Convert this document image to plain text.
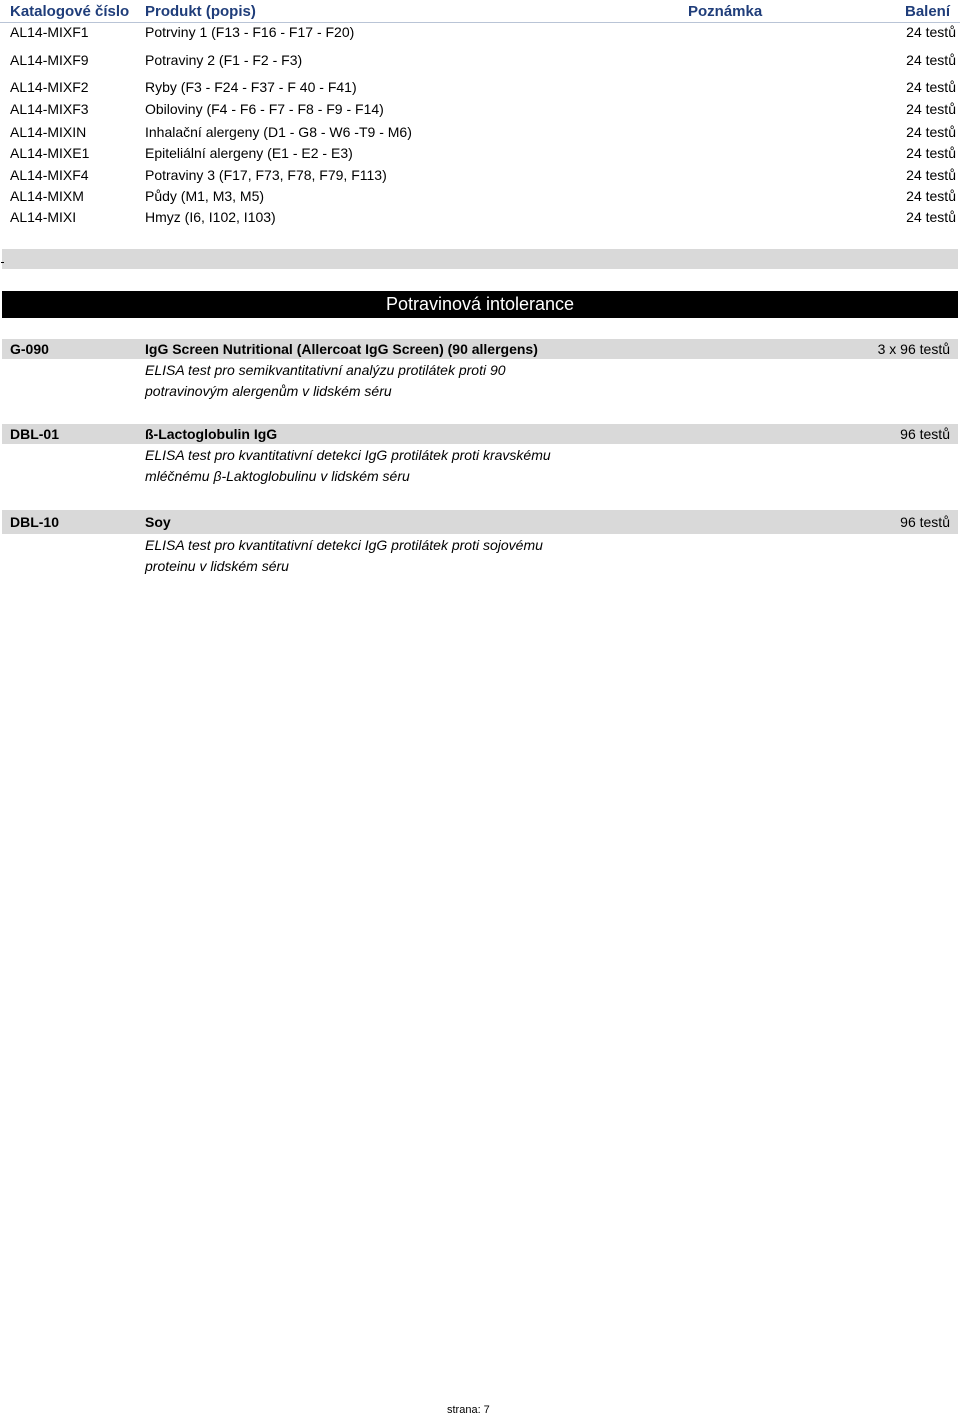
Katalogové číslo Produkt (popis)	Poznámka	Balení
AL14-MIXF1	Potrviny 1 (F13 - F16 - F17 - F20)	24 testů
AL14-MIXF9	Potraviny 2 (F1 - F2 - F3)	24 testů
AL14-MIXF2	Ryby (F3 - F24 - F37 - F 40 - F41)	24 testů
AL14-MIXF3	Obiloviny (F4 - F6 - F7 - F8 - F9 - F14)	24 testů
AL14-MIXIN	Inhalační alergeny (D1 - G8 - W6 -T9 - M6)	24 testů
AL14-MIXE1	Epiteliální alergeny (E1 - E2 - E3)	24 testů
AL14-MIXF4	Potraviny 3 (F17, F73, F78, F79, F113)	24 testů
AL14-MIXM	Půdy (M1, M3, M5)	24 testů
AL14-MIXI	Hmyz (I6, I102, I103)	24 testů
Potravinová intolerance
G-090	IgG Screen Nutritional (Allercoat IgG Screen) (90 allergens)	3 x 96 testů
ELISA test pro semikvantitativní analýzu protilátek proti 90
potravinovým alergenům v lidském séru
DBL-01	ß-Lactoglobulin IgG	96 testů
ELISA test pro kvantitativní detekci IgG protilátek proti kravskému
mléčnému β-Laktoglobulinu v lidském séru
DBL-10	Soy	96 testů
ELISA test pro kvantitativní detekci IgG protilátek proti sojovému
proteinu v lidském séru
strana: 7
